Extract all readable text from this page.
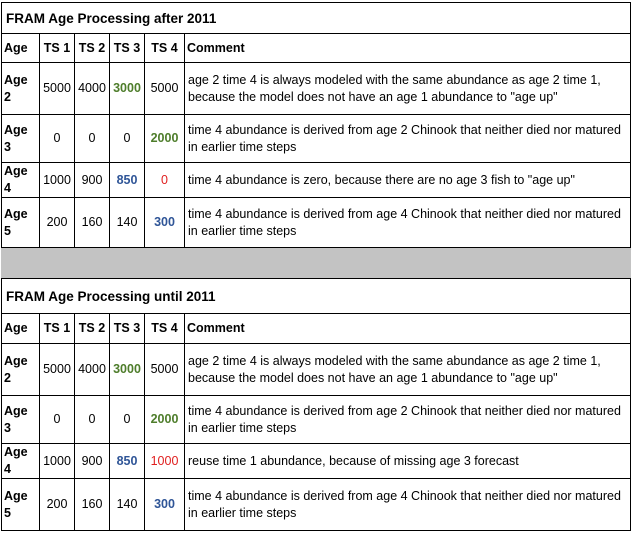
FRAM Age Processing after 2011					
Age	TS 1	TS 2	TS 3	TS 4	Comment
Age 2	5000	4000	3000	5000	age 2 time 4 is always modeled with the same abundance as age 2 time 1, because the model does not have an age 1 abundance to "age up"
Age 3	0	0	0	2000	time 4 abundance is derived from age 2 Chinook that neither died nor matured in earlier time steps
Age 4	1000	900	850	0	time 4 abundance is zero, because there are no age 3 fish to "age up"
Age 5	200	160	140	300	time 4 abundance is derived from age 4 Chinook that neither died nor matured in earlier time steps

FRAM Age Processing until 2011					
Age	TS 1	TS 2	TS 3	TS 4	Comment
Age 2	5000	4000	3000	5000	age 2 time 4 is always modeled with the same abundance as age 2 time 1, because the model does not have an age 1 abundance to "age up"
Age 3	0	0	0	2000	time 4 abundance is derived from age 2 Chinook that neither died nor matured in earlier time steps
Age 4	1000	900	850	1000	reuse time 1 abundance, because of missing age 3 forecast
Age 5	200	160	140	300	time 4 abundance is derived from age 4 Chinook that neither died nor matured in earlier time steps
